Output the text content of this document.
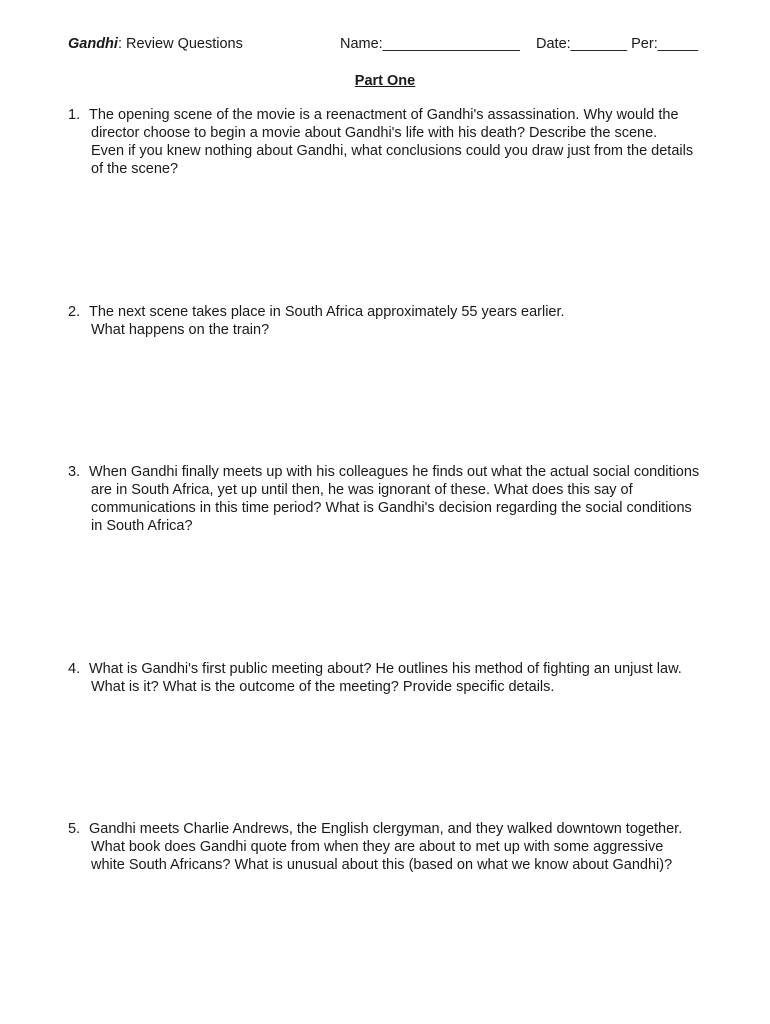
Gandhi: Review Questions	Name:_________________ Date:_______ Per:_____
Part One
1. The opening scene of the movie is a reenactment of Gandhi's assassination. Why would the
director choose to begin a movie about Gandhi's life with his death? Describe the scene.
Even if you knew nothing about Gandhi, what conclusions could you draw just from the details
of the scene?
2. The next scene takes place in South Africa approximately 55 years earlier.
What happens on the train?
3. When Gandhi finally meets up with his colleagues he finds out what the actual social conditions
are in South Africa, yet up until then, he was ignorant of these. What does this say of
communications in this time period? What is Gandhi's decision regarding the social conditions
in South Africa?
4. What is Gandhi's first public meeting about? He outlines his method of fighting an unjust law.
What is it? What is the outcome of the meeting? Provide specific details.
5. Gandhi meets Charlie Andrews, the English clergyman, and they walked downtown together.
What book does Gandhi quote from when they are about to met up with some aggressive
white South Africans? What is unusual about this (based on what we know about Gandhi)?
